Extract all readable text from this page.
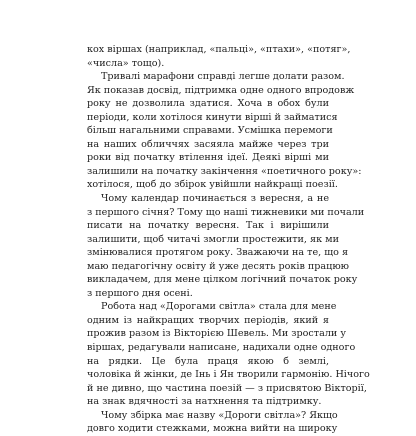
кох віршах (наприклад, «пальці», «птахи», «потяг»,
«числа» тощо).
Тривалі марафони справді легше долати разом.
Як показав досвід, підтримка одне одного впродовж
року не дозволила здатися. Хоча в обох були
періоди, коли хотілося кинути вірші й займатися
більш нагальними справами. Усмішка перемоги
на наших обличчях засяяла майже через три
роки від початку втілення ідеї. Деякі вірші ми
залишили на початку закінчення «поетичного року»:
хотілося, щоб до збірок увійшли найкращі поезії.
Чому календар починається з вересня, а не
з першого січня? Тому що наші тижневики ми почали
писати на початку вересня. Так і вирішили
залишити, щоб читачі змогли простежити, як ми
змінювалися протягом року. Зважаючи на те, що я
маю педагогічну освіту й уже десять років працюю
викладачем, для мене цілком логічний початок року
з першого дня осені.
Робота над «Дорогами світла» стала для мене
одним із найкращих творчих періодів, який я
прожив разом із Вікторією Шевель. Ми зростали у
віршах, редагували написане, надихали одне одного
на рядки. Це була праця якою б землі,
чоловіка й жінки, де Інь і Ян творили гармонію. Нічого
й не дивно, що частина поезій — з присвятою Вікторії,
на знак вдячності за натхнення та підтримку.
Чому збірка має назву «Дороги світла»? Якщо
довго ходити стежками, можна вийти на широку
